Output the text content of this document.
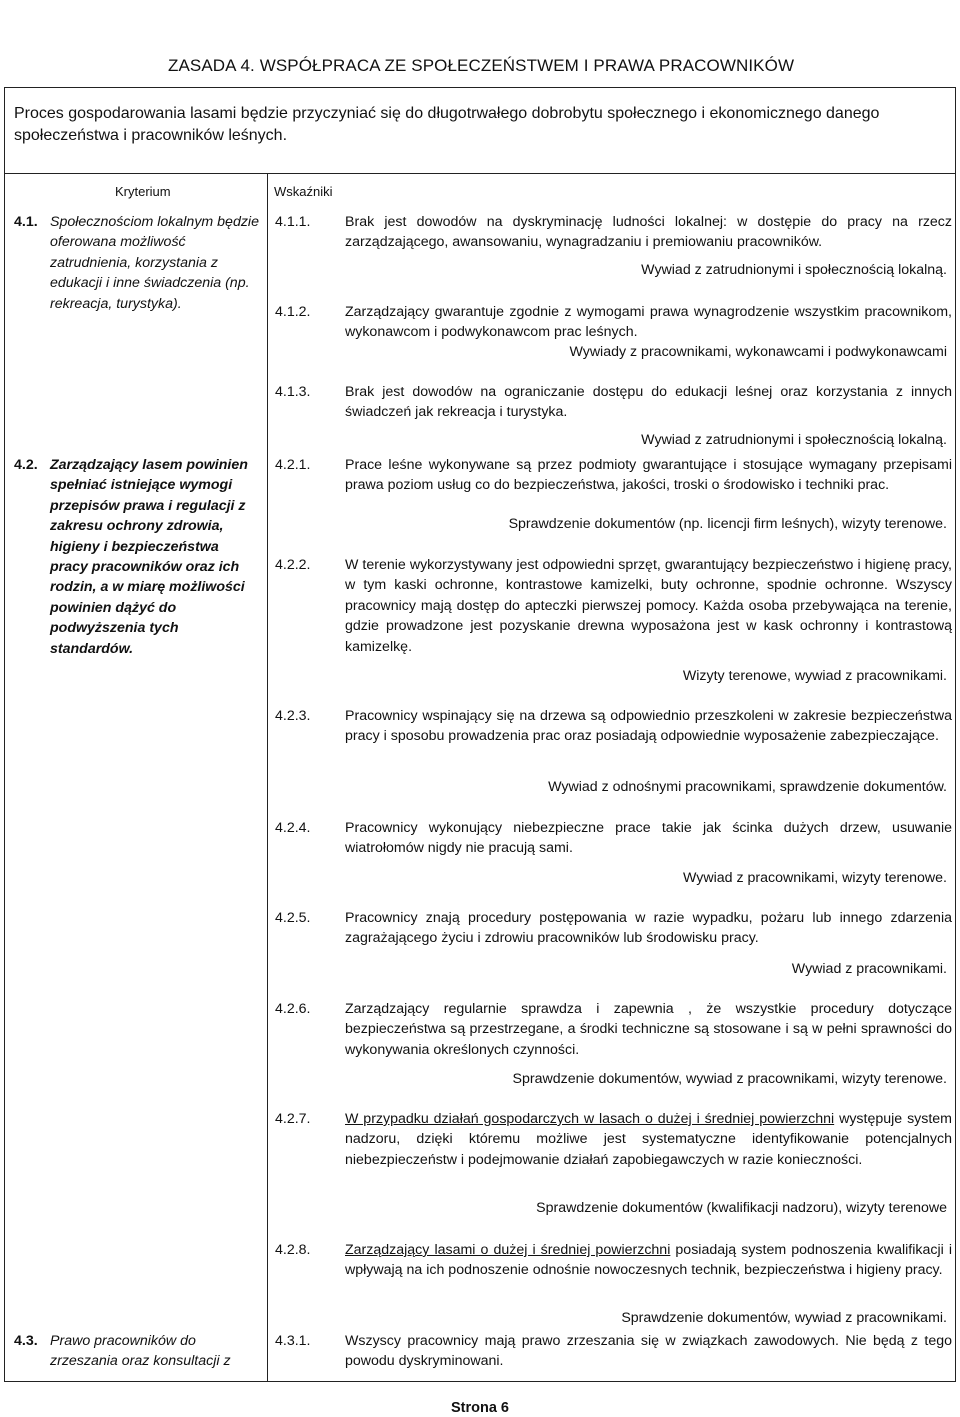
ZASADA 4. WSPÓŁPRACA ZE SPOŁECZEŃSTWEM I PRAWA PRACOWNIKÓW
Proces gospodarowania lasami będzie przyczyniać się do długotrwałego dobrobytu społecznego i ekonomicznego danego społeczeństwa i pracowników leśnych.
Kryterium	Wskaźniki
4.1. Społecznościom lokalnym będzie oferowana możliwość zatrudnienia, korzystania z edukacji i inne świadczenia (np. rekreacja, turystyka).
4.2. Zarządzający lasem powinien spełniać istniejące wymogi przepisów prawa i regulacji z zakresu ochrony zdrowia, higieny i bezpieczeństwa pracy pracowników oraz ich rodzin, a w miarę możliwości powinien dążyć do podwyższenia tych standardów.
4.3. Prawo pracowników do zrzeszania oraz konsultacji z
4.1.1. Brak jest dowodów na dyskryminację ludności lokalnej: w dostępie do pracy na rzecz zarządzającego, awansowaniu, wynagradzaniu i premiowaniu pracowników.
Wywiad z zatrudnionymi i społecznością lokalną.
4.1.2. Zarządzający gwarantuje zgodnie z wymogami prawa wynagrodzenie wszystkim pracownikom, wykonawcom i podwykonawcom prac leśnych.
Wywiady z pracownikami, wykonawcami i podwykonawcami
4.1.3. Brak jest dowodów na ograniczanie dostępu do edukacji leśnej oraz korzystania z innych świadczeń jak rekreacja i turystyka.
Wywiad z zatrudnionymi i społecznością lokalną.
4.2.1. Prace leśne wykonywane są przez podmioty gwarantujące i stosujące wymagany przepisami prawa poziom usług co do bezpieczeństwa, jakości, troski o środowisko i techniki prac.
Sprawdzenie dokumentów (np. licencji firm leśnych), wizyty terenowe.
4.2.2. W terenie wykorzystywany jest odpowiedni sprzęt, gwarantujący bezpieczeństwo i higienę pracy, w tym kaski ochronne, kontrastowe kamizelki, buty ochronne, spodnie ochronne. Wszyscy pracownicy mają dostęp do apteczki pierwszej pomocy. Każda osoba przebywająca na terenie, gdzie prowadzone jest pozyskanie drewna wyposażona jest w kask ochronny i kontrastową kamizelkę.
Wizyty terenowe, wywiad z pracownikami.
4.2.3. Pracownicy wspinający się na drzewa są odpowiednio przeszkoleni w zakresie bezpieczeństwa pracy i sposobu prowadzenia prac oraz posiadają odpowiednie wyposażenie zabezpieczające.
Wywiad z odnośnymi pracownikami, sprawdzenie dokumentów.
4.2.4. Pracownicy wykonujący niebezpieczne prace takie jak ścinka dużych drzew, usuwanie wiatrołomów nigdy nie pracują sami.
Wywiad z pracownikami, wizyty terenowe.
4.2.5. Pracownicy znają procedury postępowania w razie wypadku, pożaru lub innego zdarzenia zagrażającego życiu i zdrowiu pracowników lub środowisku pracy.
Wywiad z pracownikami.
4.2.6. Zarządzający regularnie sprawdza i zapewnia , że wszystkie procedury dotyczące bezpieczeństwa są przestrzegane, a środki techniczne są stosowane i są w pełni sprawności do wykonywania określonych czynności.
Sprawdzenie dokumentów, wywiad z pracownikami, wizyty terenowe.
4.2.7. W przypadku działań gospodarczych w lasach o dużej i średniej powierzchni występuje system nadzoru, dzięki któremu możliwe jest systematyczne identyfikowanie potencjalnych niebezpieczeństw i podejmowanie działań zapobiegawczych w razie konieczności.
Sprawdzenie dokumentów (kwalifikacji nadzoru), wizyty terenowe
4.2.8. Zarządzający lasami o dużej i średniej powierzchni posiadają system podnoszenia kwalifikacji i wpływają na ich podnoszenie odnośnie nowoczesnych technik, bezpieczeństwa i higieny pracy.
Sprawdzenie dokumentów, wywiad z pracownikami.
4.3.1. Wszyscy pracownicy mają prawo zrzeszania się w związkach zawodowych. Nie będą z tego powodu dyskryminowani.
Strona 6
